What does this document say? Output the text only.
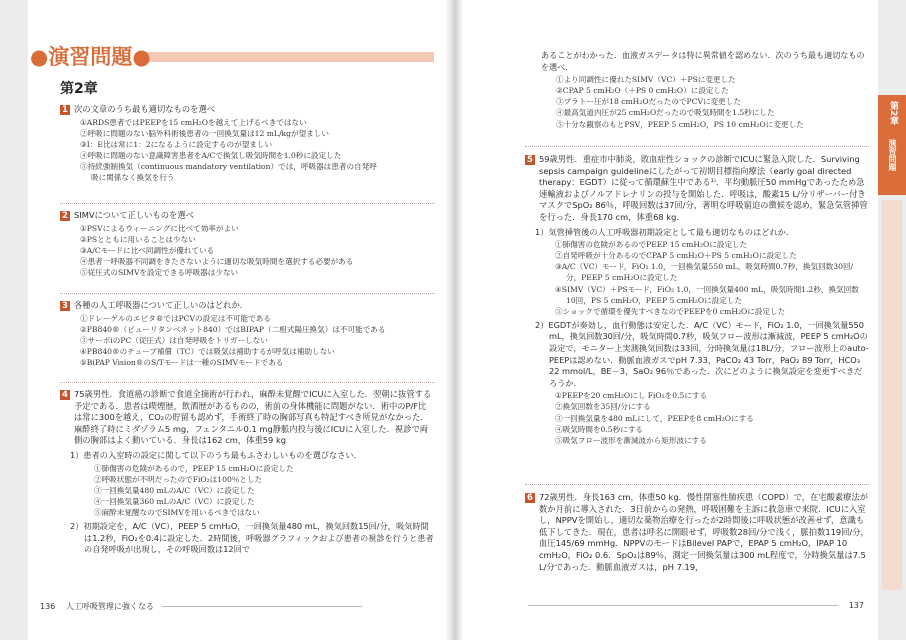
●演習問題●
第2章
1 次の文章のうち最も適切なものを選べ
①ARDS患者ではPEEPを15 cmH₂Oを越えて上げるべきではない
②呼吸に問題のない脳外科術後患者の一回換気量は12 mL/kgが望ましい
③I：E比は常に1：2になるように設定するのが望ましい
④呼吸に問題のない意識障害患者をA/Cで換気し吸気時間を1.0秒に設定した
⑤持続強制換気（continuous mandatory ventilation）では，呼吸器は患者の自発呼吸に関係なく換気を行う
2 SIMVについて正しいものを選べ
①PSVによるウィーニングに比べて効率がよい
②PSとともに用いることは少ない
③A/Cモードに比べ同調性が優れている
④患者一呼吸器不同調をきたさないように適切な吸気時間を選択する必要がある
⑤従圧式のSIMVを設定できる呼吸器は少ない
3 各種の人工呼吸器について正しいのはどれか．
①ドレーゲルのエビタ®ではPCVの設定は不可能である
②PB840®（ピューリタンベネット840）ではBIPAP（二相式陽圧換気）は不可能である
③サーボiのPC（従圧式）は自発呼吸をトリガーしない
④PB840®のチューブ補償（TC）では吸気は補助するが呼気は補助しない
⑤BiPAP Vision®のS/Tモードは一種のSIMVモードである
4 75歳男性．食道癌の診断で食道全摘術が行われ，麻酔未覚醒でICUに入室した．翌朝に抜管する予定である．患者は喫煙歴，飲酒歴があるものの，術前の身体機能に問題がない．術中のP/F比は常に300を越え，CO₂の貯留も認めず，手術終了時の胸部写真も特記すべき所見がなかった．麻酔終了時にミダゾラム5 mg，フェンタニル0.1 mg静脈内投与後にICUに入室した．視診で両側の胸部はよく動いている．身長は162 cm，体重59 kg
1）患者の入室時の設定に関して以下のうち最もふさわしいものを選びなさい．
①肺傷害の危険があるので，PEEP 15 cmH₂Oに設定した
②呼吸状態が不明だったのでFiO₂は100％とした
③一回換気量480 mLのA/C（VC）に設定した
④一回換気量360 mLのA/C（VC）に設定した
⑤麻酔未覚醒なのでSIMVを用いるべきではない
2）初期設定を，A/C（VC），PEEP 5 cmH₂O，一回換気量480 mL，換気回数15回/分，吸気時間は1.2秒，FiO₂を0.4に設定した．2時間後，呼吸器グラフィックおよび患者の視診を行うと患者の自発呼吸が出現し，その呼吸回数は12回で
136 人工呼吸管理に強くなる
あることがわかった．血液ガスデータは特に異常値を認めない．次のうち最も適切なものを選べ．
①より同調性に優れたSIMV（VC）＋PSに変更した
②CPAP 5 cmH₂O（＋PS 0 cmH₂O）に設定した
③プラトー圧が18 cmH₂OだったのでPCVに変更した
④最高気道内圧が25 cmH₂Oだったので吸気時間を1.5秒にした
⑤十分な観察のもとPSV，PEEP 5 cmH₂O，PS 10 cmH₂Oに変更した
5 59歳男性．重症市中肺炎，敗血症性ショックの診断でICUに緊急入院した．Surviving sepsis campaign guidelineにしたがって初期目標指向療法（early goal directed therapy：EGDT）に従って循環蘇生中である¹⁾．平均動脈圧50 mmHgであったため急速輸液およびノルアドレナリンの投与を開始した．呼吸は，酸素15 L/分リザーバー付きマスクでSpO₂ 86％，呼吸回数は37回/分，著明な呼吸窮迫の徴候を認め，緊急気管挿管を行った．身長170 cm，体重68 kg．
1）気管挿管後の人工呼吸器初期設定として最も適切なものはどれか．
①肺傷害の危険があるのでPEEP 15 cmH₂Oに設定した
②自発呼吸が十分あるのでCPAP 5 cmH₂O＋PS 5 cmH₂Oに設定した
③A/C（VC）モード，FiO₂ 1.0，一回換気量550 mL，吸気時間0.7秒，換気回数30回/分，PEEP 5 cmH₂Oに設定した
④SIMV（VC）＋PSモード，FiO₂ 1.0，一回換気量400 mL，吸気時間1.2秒，換気回数10回，PS 5 cmH₂O，PEEP 5 cmH₂Oに設定した
⑤ショックで循環を優先すべきなのでPEEPを0 cmH₂Oに設定した
2）EGDTが奏効し，血行動態は安定した．A/C（VC）モード，FiO₂ 1.0，一回換気量550 mL，換気回数30回/分，吸気時間0.7秒，吸気フロー波形は漸減波，PEEP 5 cmH₂Oの設定で，モニター上実測換気回数は33回，分時換気量は18L/分，フロー波形上のauto-PEEPは認めない．動脈血液ガスでpH 7.33，PaCO₂ 43 Torr，PaO₂ 89 Torr，HCO₃ 22 mmol/L，BE－3，SaO₂ 96％であった．次にどのように換気設定を変更すべきだろうか．
①PEEPを20 cmH₂Oにし FiO₂を0.5にする
②換気回数を35回/分にする
③一回換気量を480 mLにして，PEEPを8 cmH₂Oにする
④吸気時間を0.5秒にする
⑤吸気フロー波形を漸減波から矩形波にする
6 72歳男性．身長163 cm，体重50 kg．慢性閉塞性肺疾患（COPD）で，在宅酸素療法が数か月前に導入された．3日前からの発熱，呼吸困難を主訴に救急車で来院．ICUに入室し，NPPVを開始し，適切な薬物治療を行ったが2時間後に呼吸状態が改善せず，意識も低下してきた．現在，患者は呼名に開眼せず，呼吸数28回/分で浅く，脈拍数119回/分，血圧145/69 mmHg．NPPVのモードはBilevel PAPで，EPAP 5 cmH₂O，IPAP 10 cmH₂O，FiO₂ 0.6．SpO₂は89％，測定一回換気量は300 mL程度で，分時換気量は7.5 L/分であった．動脈血液ガスは，pH 7.19，
137
第2章
演習問題
